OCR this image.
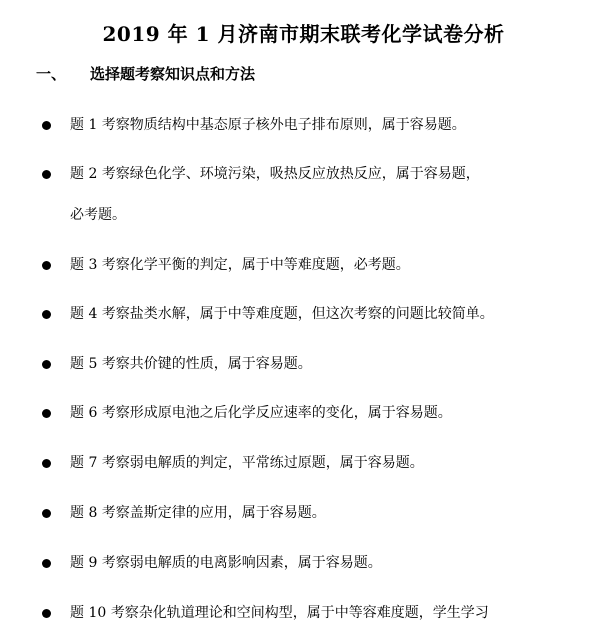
2019 年 1 月济南市期末联考化学试卷分析
一、 选择题考察知识点和方法
题 1 考察物质结构中基态原子核外电子排布原则，属于容易题。
题 2 考察绿色化学、环境污染，吸热反应放热反应，属于容易题，
必考题。
题 3 考察化学平衡的判定，属于中等难度题，必考题。
题 4 考察盐类水解，属于中等难度题，但这次考察的问题比较简单。
题 5 考察共价键的性质，属于容易题。
题 6 考察形成原电池之后化学反应速率的变化，属于容易题。
题 7 考察弱电解质的判定，平常练过原题，属于容易题。
题 8 考察盖斯定律的应用，属于容易题。
题 9 考察弱电解质的电离影响因素，属于容易题。
题 10 考察杂化轨道理论和空间构型，属于中等容难度题，学生学习
